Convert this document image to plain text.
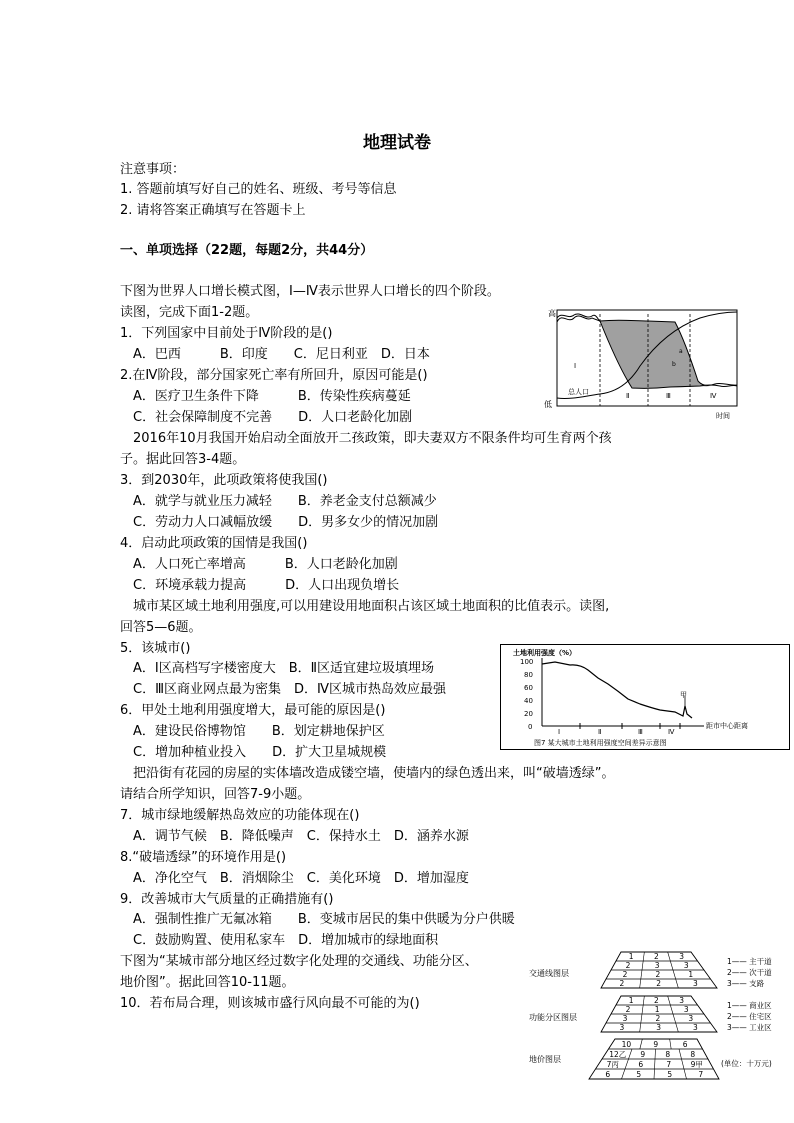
地理试卷
注意事项：
1. 答题前填写好自己的姓名、班级、考号等信息
2. 请将答案正确填写在答题卡上
一、单项选择（22题，每题2分，共44分）
下图为世界人口增长模式图，Ⅰ—Ⅳ表示世界人口增长的四个阶段。
读图，完成下面1-2题。
1．下列国家中目前处于Ⅳ阶段的是()
A．巴西　　　B．印度　　C．尼日利亚　D．日本
2.在Ⅳ阶段，部分国家死亡率有所回升，原因可能是()
A．医疗卫生条件下降　　　B．传染性疾病蔓延
C．社会保障制度不完善　　D．人口老龄化加剧
2016年10月我国开始启动全面放开二孩政策，即夫妻双方不限条件均可生育两个孩
子。据此回答3-4题。
3．到2030年，此项政策将使我国()
A．就学与就业压力减轻　　B．养老金支付总额减少
C．劳动力人口减幅放缓　　D．男多女少的情况加剧
4．启动此项政策的国情是我国()
A．人口死亡率增高　　　B．人口老龄化加剧
C．环境承载力提高　　　D．人口出现负增长
城市某区域土地利用强度,可以用建设用地面积占该区域土地面积的比值表示。读图,
回答5—6题。
5．该城市()
A．Ⅰ区高档写字楼密度大　B．Ⅱ区适宜建垃圾填埋场
C．Ⅲ区商业网点最为密集　D．Ⅳ区城市热岛效应最强
6．甲处土地利用强度增大，最可能的原因是()
A．建设民俗博物馆　　B．划定耕地保护区
C．增加种植业投入　　D．扩大卫星城规模
把沿街有花园的房屋的实体墙改造成镂空墙，使墙内的绿色透出来，叫“破墙透绿”。
请结合所学知识，回答7-9小题。
7．城市绿地缓解热岛效应的功能体现在()
A．调节气候　B．降低噪声　C．保持水土　D．涵养水源
8.“破墙透绿”的环境作用是()
A．净化空气　B．消烟除尘　C．美化环境　D．增加湿度
9．改善城市大气质量的正确措施有()
A．强制性推广无氟冰箱　　B．变城市居民的集中供暖为分户供暖
C．鼓励购置、使用私家车　D．增加城市的绿地面积
下图为“某城市部分地区经过数字化处理的交通线、功能分区、
地价图”。据此回答10-11题。
10．若布局合理，则该城市盛行风向最不可能的为()
高
低
时间
总人口
Ⅰ
Ⅱ	Ⅲ	Ⅳ
a
b
土地利用强度（%）
100
80
60
40
20
0
甲
Ⅰ	Ⅱ	Ⅲ	Ⅳ
距市中心距离
图7 某大城市土地利用强度空间差异示意图
交通线图层
功能分区图层
地价图层
1	2	3
2	3	3
2	2	1
2	2	3
1	2	3
2	1	3
3	2	3
3	3	3
10	9	6
12乙 9	8	8
7丙	6	7	9甲
6	5	5	7
1—— 主干道
2—— 次干道
3—— 支路
1—— 商业区
2—— 住宅区
3—— 工业区
(单位：十万元)
